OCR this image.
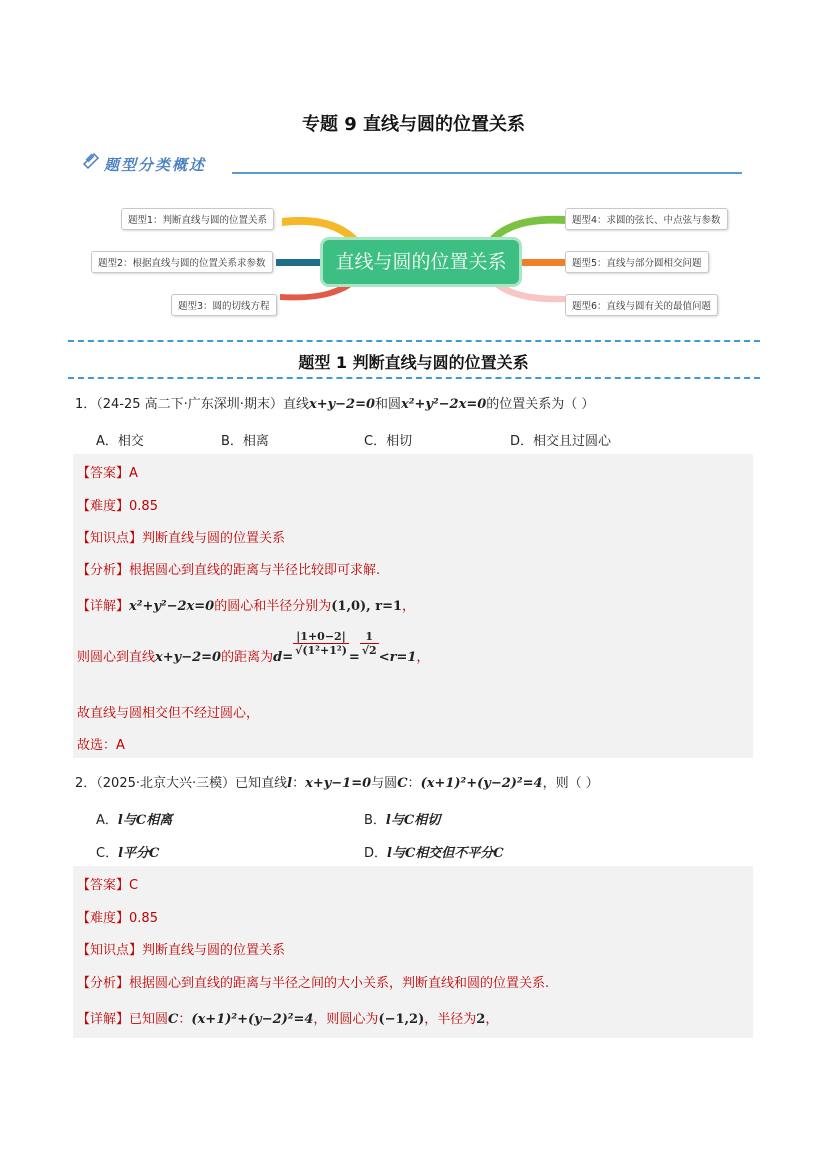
专题 9 直线与圆的位置关系
题型分类概述
题型1：判断直线与圆的位置关系
题型2：根据直线与圆的位置关系求参数
题型3：圆的切线方程
题型4：求圆的弦长、中点弦与参数
题型5：直线与部分圆相交问题
题型6：直线与圆有关的最值问题
直线与圆的位置关系
题型 1 判断直线与圆的位置关系
1．（24-25 高二下·广东深圳·期末）直线x+y−2=0和圆x²+y²−2x=0的位置关系为（ ）
A．相交	B．相离	C．相切	D．相交且过圆心
【答案】A
【难度】0.85
【知识点】判断直线与圆的位置关系
【分析】根据圆心到直线的距离与半径比较即可求解.
【详解】x²+y²−2x=0的圆心和半径分别为(1,0), r=1，
则圆心到直线x+y−2=0的距离为d=
$\frac{|1+0-2|}{\text{√(1²+1²)}}$
=
$\frac{1}{√2}$
<r=1，
故直线与圆相交但不经过圆心，
故选：A
2．（2025·北京大兴·三模）已知直线l：x+y−1=0与圆C：(x+1)²+(y−2)²=4，则（ ）
A．l与C相离	B．l与C相切
C．l平分C	D．l与C相交但不平分C
【答案】C
【难度】0.85
【知识点】判断直线与圆的位置关系
【分析】根据圆心到直线的距离与半径之间的大小关系，判断直线和圆的位置关系.
【详解】已知圆C：(x+1)²+(y−2)²=4，则圆心为(−1,2)，半径为2，
